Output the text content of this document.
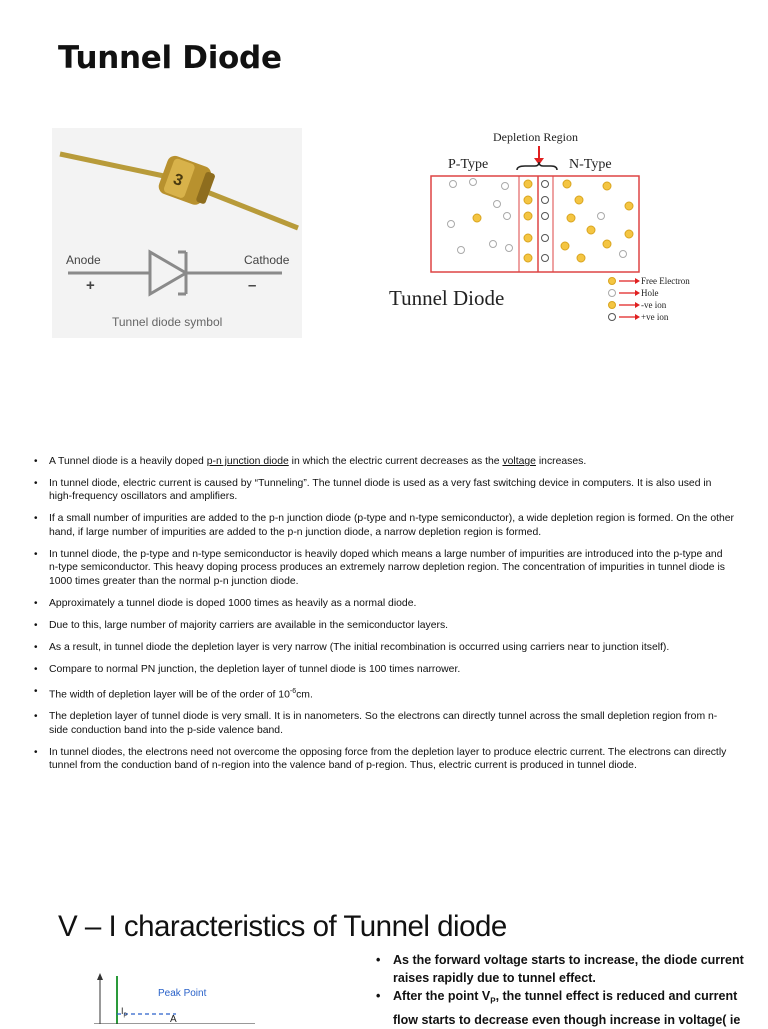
Tunnel Diode
3
Anode	Cathode
+	–
Tunnel diode symbol
Depletion Region
P-Type	N-Type
Tunnel Diode
Free Electron
Hole
-ve ion
+ve ion
• A Tunnel diode is a heavily doped p-n junction diode in which the electric current decreases as the voltage increases.
• In tunnel diode, electric current is caused by “Tunneling”. The tunnel diode is used as a very fast switching device in computers. It is also used in high-frequency oscillators and amplifiers.
• If a small number of impurities are added to the p-n junction diode (p-type and n-type semiconductor), a wide depletion region is formed. On the other hand, if large number of impurities are added to the p-n junction diode, a narrow depletion region is formed.
• In tunnel diode, the p-type and n-type semiconductor is heavily doped which means a large number of impurities are introduced into the p-type and n-type semiconductor. This heavy doping process produces an extremely narrow depletion region. The concentration of impurities in tunnel diode is 1000 times greater than the normal p-n junction diode.
• Approximately a tunnel diode is doped 1000 times as heavily as a normal diode.
• Due to this, large number of majority carriers are available in the semiconductor layers.
• As a result, in tunnel diode the depletion layer is very narrow (The initial recombination is occurred using carriers near to junction itself).
• Compare to normal PN junction, the depletion layer of tunnel diode is 100 times narrower.
• The width of depletion layer will be of the order of $10^{-6}cm$.
• The depletion layer of tunnel diode is very small. It is in nanometers. So the electrons can directly tunnel across the small depletion region from n-side conduction band into the p-side valence band.
• In tunnel diodes, the electrons need not overcome the opposing force from the depletion layer to produce electric current. The electrons can directly tunnel from the conduction band of n-region into the valence band of p-region. Thus, electric current is produced in tunnel diode.
V – I characteristics of Tunnel diode
Peak Point
$I_p$	A
• As the forward voltage starts to increase, the diode current raises rapidly due to tunnel effect.
• After the point $V_P$, the tunnel effect is reduced and current flow starts to decrease even though increase in voltage( ie
